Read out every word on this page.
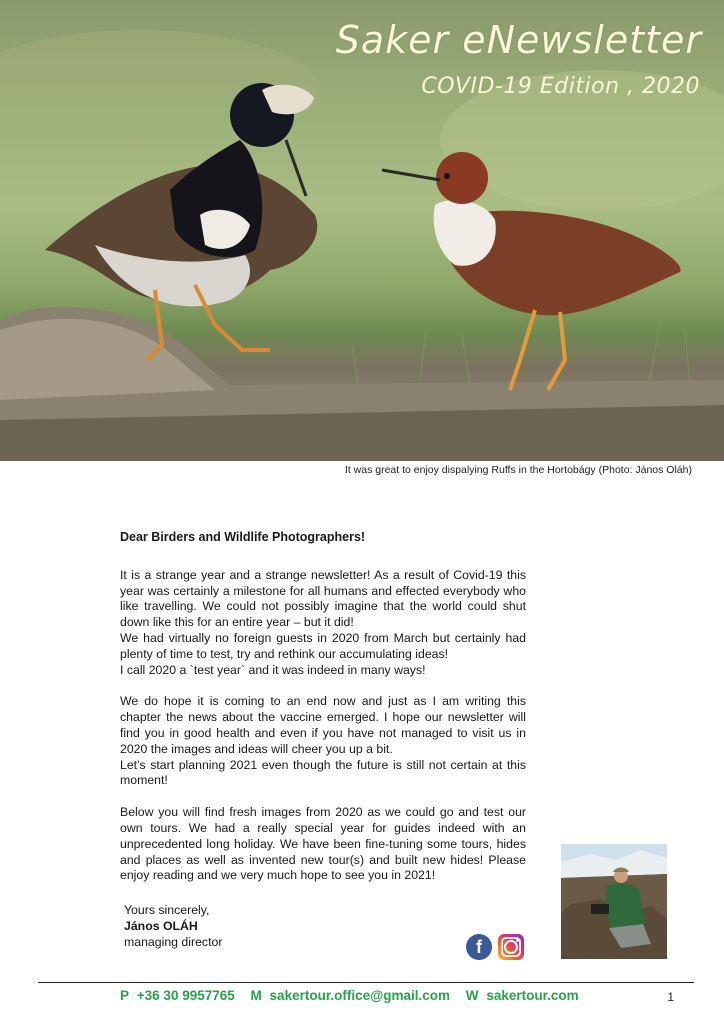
Saker eNewsletter
COVID-19 Edition , 2020
It was great to enjoy dispalying Ruffs in the Hortobágy (Photo: János Oláh)
Dear Birders and Wildlife Photographers!

It is a strange year and a strange newsletter! As a result of Covid-19 this year was certainly a milestone for all humans and effected everybody who like travelling. We could not possibly imagine that the world could shut down like this for an entire year – but it did!

We had virtually no foreign guests in 2020 from March but certainly had plenty of time to test, try and rethink our accumulating ideas!

I call 2020 a `test year` and it was indeed in many ways!

We do hope it is coming to an end now and just as I am writing this chapter the news about the vaccine emerged. I hope our newsletter will find you in good health and even if you have not managed to visit us in 2020 the images and ideas will cheer you up a bit.

Let's start planning 2021 even though the future is still not certain at this moment!

Below you will find fresh images from 2020 as we could go and test our own tours. We had a really special year for guides indeed with an unprecedented long holiday. We have been fine-tuning some tours, hides and places as well as invented new tour(s) and built new hides! Please enjoy reading and we very much hope to see you in 2021!

Yours sincerely,
János OLÁH
managing director	f
P +36 30 9957765 M sakertour.office@gmail.com W sakertour.com	1
